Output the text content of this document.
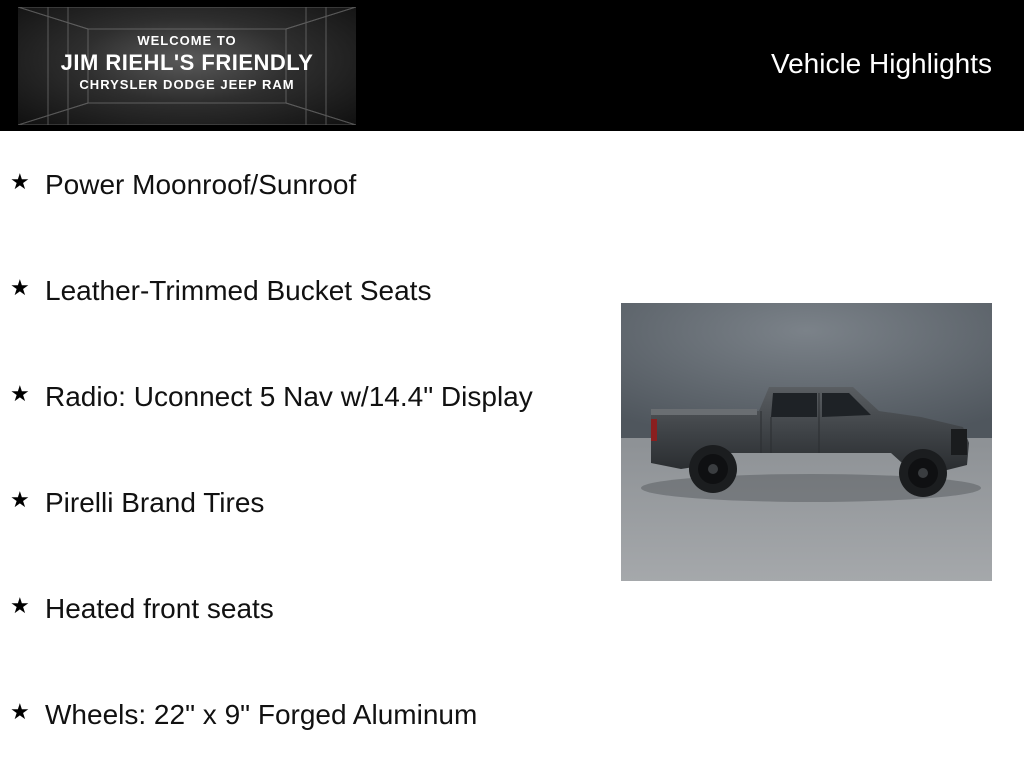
WELCOME TO
JIM RIEHL'S FRIENDLY
CHRYSLER DODGE JEEP RAM
Vehicle Highlights
★ Power Moonroof/Sunroof
★ Leather-Trimmed Bucket Seats
★ Radio: Uconnect 5 Nav w/14.4" Display
★ Pirelli Brand Tires
★ Heated front seats
★ Wheels: 22" x 9" Forged Aluminum
